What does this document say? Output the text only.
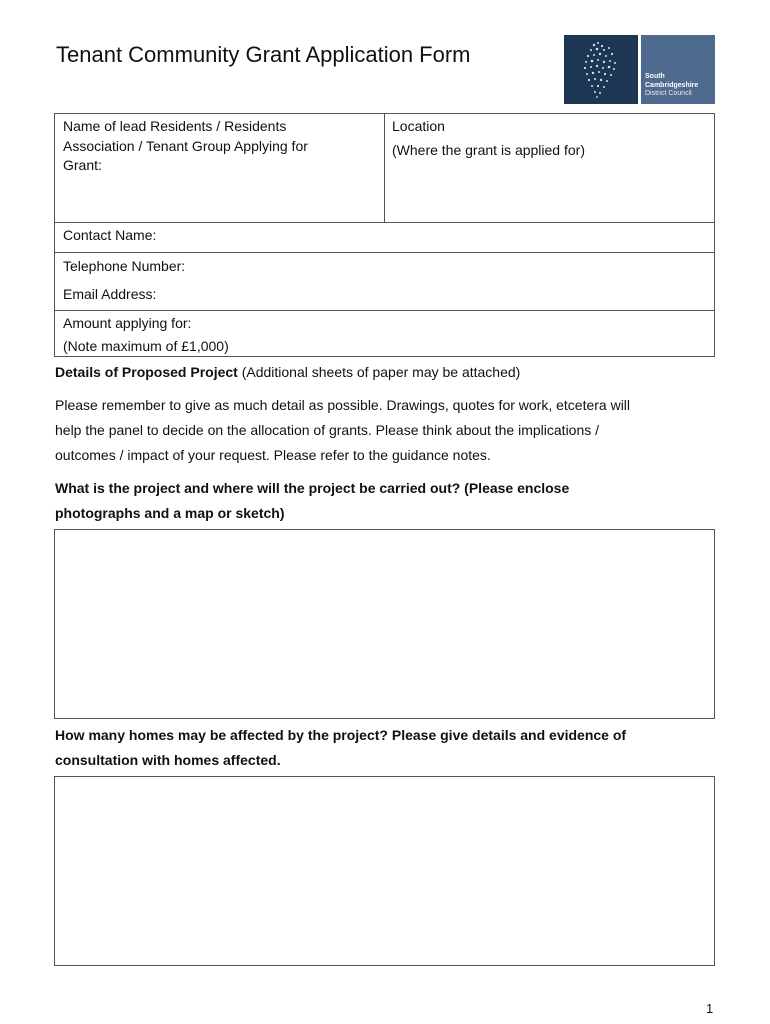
Tenant Community Grant Application Form
South
Cambridgeshire
District Council
Name of lead Residents / Residents
Association / Tenant Group Applying for
Grant:
Location
(Where the grant is applied for)
Contact Name:
Telephone Number:
Email Address:
Amount applying for:
(Note maximum of £1,000)
Details of Proposed Project (Additional sheets of paper may be attached)
Please remember to give as much detail as possible. Drawings, quotes for work, etcetera will
help the panel to decide on the allocation of grants. Please think about the implications /
outcomes / impact of your request. Please refer to the guidance notes.
What is the project and where will the project be carried out? (Please enclose
photographs and a map or sketch)
How many homes may be affected by the project? Please give details and evidence of
consultation with homes affected.
1
